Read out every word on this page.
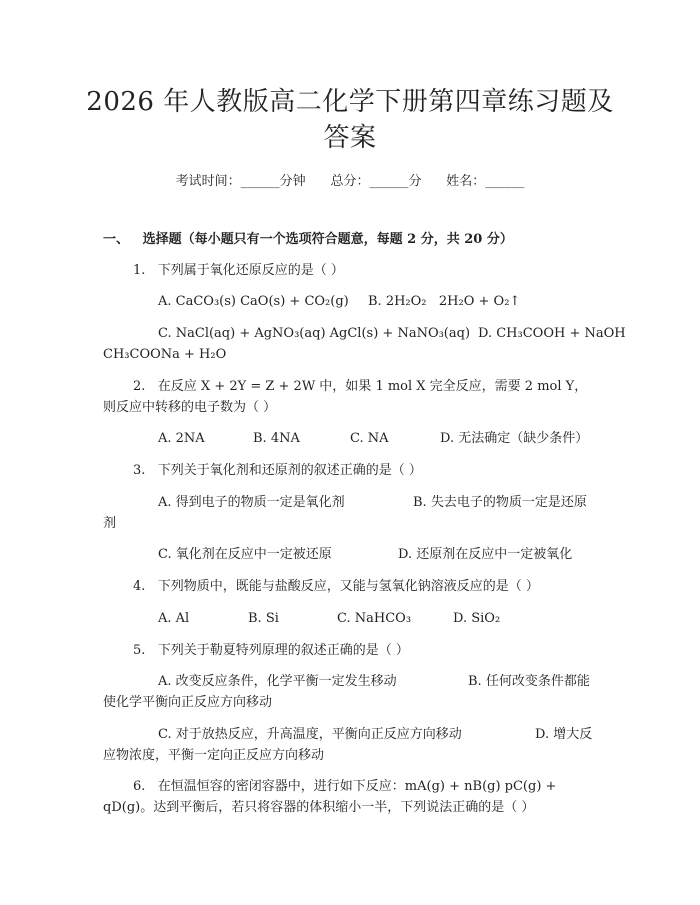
2026 年人教版高二化学下册第四章练习题及
答案
考试时间：______分钟 总分：______分 姓名：______
一、 选择题（每小题只有一个选项符合题意，每题 2 分，共 20 分）
1.   下列属于氧化还原反应的是（ ）
A. CaCO₃(s) CaO(s) + CO₂(g) B. 2H₂O₂   2H₂O + O₂↑
C. NaCl(aq) + AgNO₃(aq) AgCl(s) + NaNO₃(aq) D. CH₃COOH + NaOH
CH₃COONa + H₂O
2.   在反应 X + 2Y = Z + 2W 中，如果 1 mol X 完全反应，需要 2 mol Y，
则反应中转移的电子数为（ ）
A. 2NA	B. 4NA	C. NA	D. 无法确定（缺少条件）
3.   下列关于氧化剂和还原剂的叙述正确的是（ ）
A. 得到电子的物质一定是氧化剂	B. 失去电子的物质一定是还原
剂
C. 氧化剂在反应中一定被还原	D. 还原剂在反应中一定被氧化
4.   下列物质中，既能与盐酸反应，又能与氢氧化钠溶液反应的是（ ）
A. Al	B. Si	C. NaHCO₃	D. SiO₂
5.   下列关于勒夏特列原理的叙述正确的是（ ）
A. 改变反应条件，化学平衡一定发生移动	B. 任何改变条件都能
使化学平衡向正反应方向移动
C. 对于放热反应，升高温度，平衡向正反应方向移动	D. 增大反
应物浓度，平衡一定向正反应方向移动
6.   在恒温恒容的密闭容器中，进行如下反应：mA(g) + nB(g) pC(g) +
qD(g)。达到平衡后，若只将容器的体积缩小一半，下列说法正确的是（ ）
